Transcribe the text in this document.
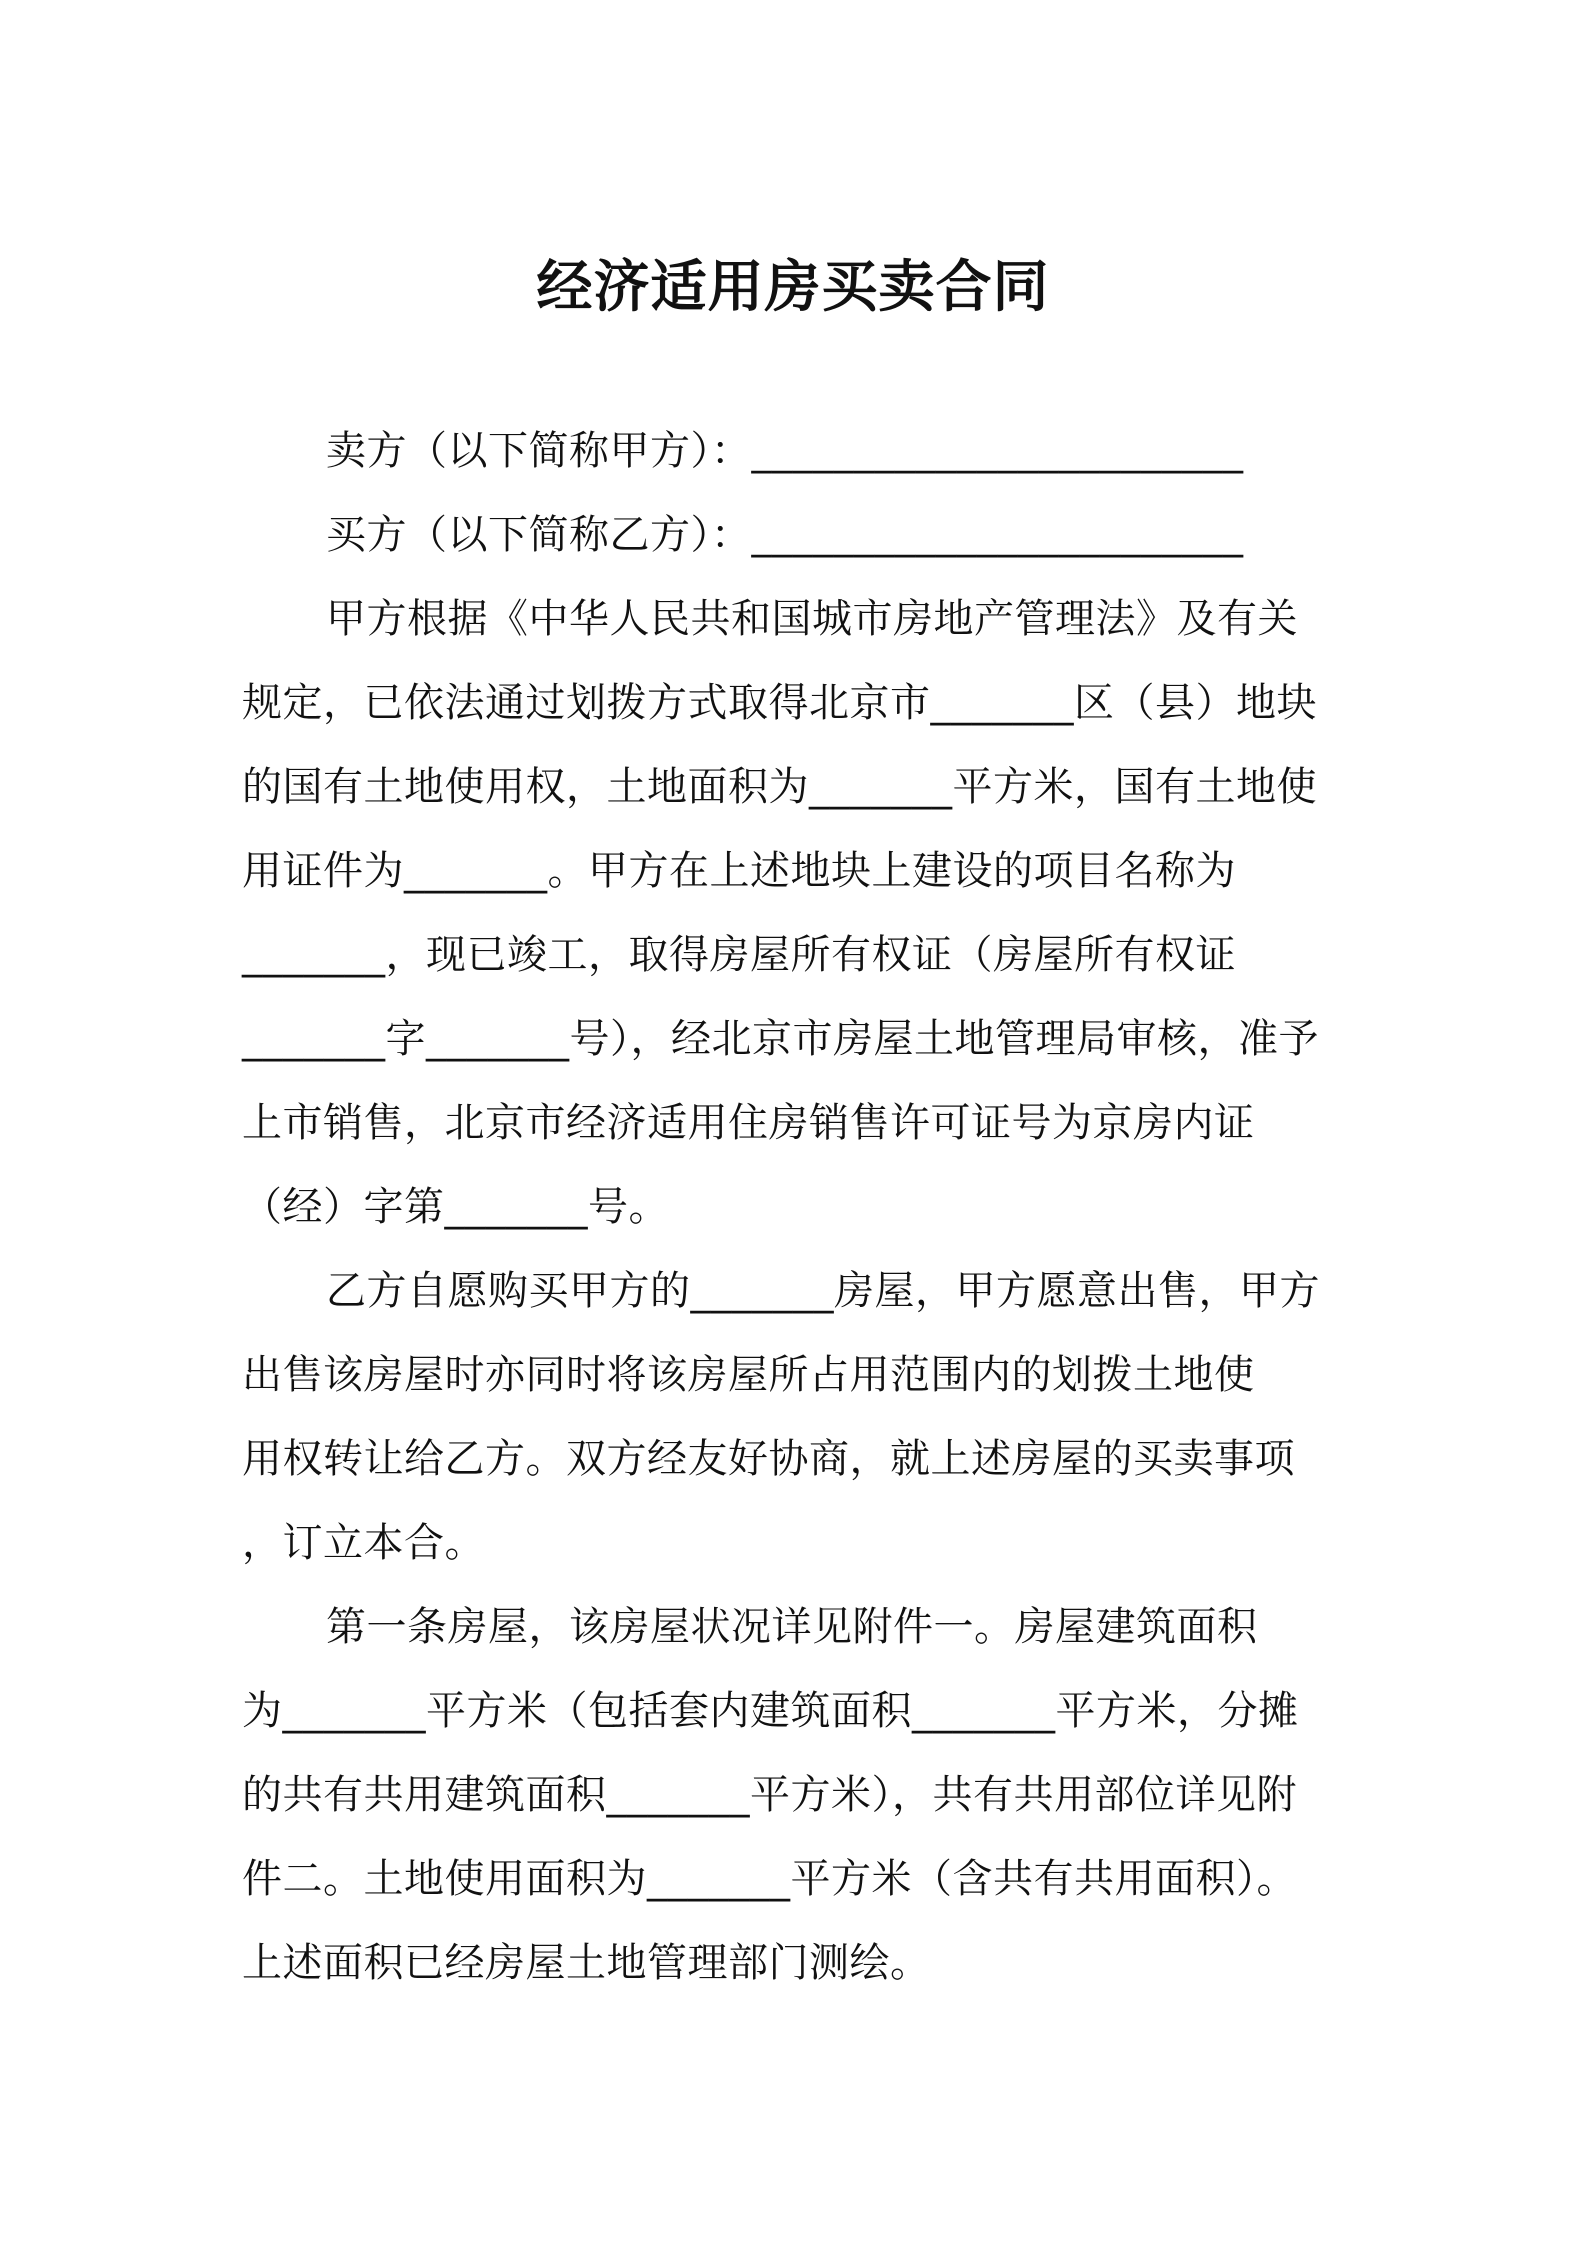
经济适用房买卖合同
卖方（以下简称甲方）：________________________
买方（以下简称乙方）：________________________
甲方根据《中华人民共和国城市房地产管理法》及有关
规定，已依法通过划拨方式取得北京市_______区（县）地块
的国有土地使用权，土地面积为_______平方米，国有土地使
用证件为_______。甲方在上述地块上建设的项目名称为
_______，现已竣工，取得房屋所有权证（房屋所有权证
_______字_______号），经北京市房屋土地管理局审核，准予
上市销售，北京市经济适用住房销售许可证号为京房内证
（经）字第_______号。
乙方自愿购买甲方的_______房屋，甲方愿意出售，甲方
出售该房屋时亦同时将该房屋所占用范围内的划拨土地使
用权转让给乙方。双方经友好协商，就上述房屋的买卖事项
，订立本合。
第一条房屋，该房屋状况详见附件一。房屋建筑面积
为_______平方米（包括套内建筑面积_______平方米，分摊
的共有共用建筑面积_______平方米），共有共用部位详见附
件二。土地使用面积为_______平方米（含共有共用面积）。
上述面积已经房屋土地管理部门测绘。
